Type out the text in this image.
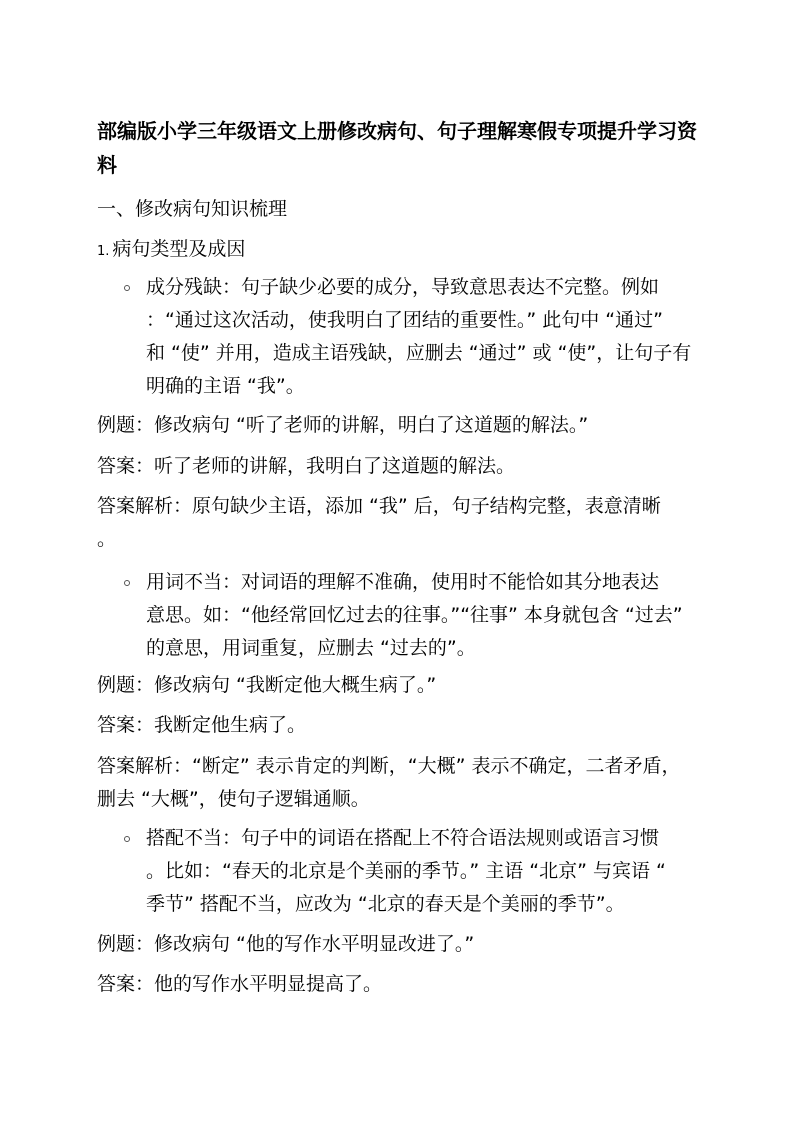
部编版小学三年级语文上册修改病句、句子理解寒假专项提升学习资
料
一、修改病句知识梳理
1. 病句类型及成因
成分残缺：句子缺少必要的成分，导致意思表达不完整。例如
：“通过这次活动，使我明白了团结的重要性。” 此句中 “通过”
和 “使” 并用，造成主语残缺，应删去 “通过” 或 “使”，让句子有
明确的主语 “我”。
例题：修改病句 “听了老师的讲解，明白了这道题的解法。”
答案：听了老师的讲解，我明白了这道题的解法。
答案解析：原句缺少主语，添加 “我” 后，句子结构完整，表意清晰
。
用词不当：对词语的理解不准确，使用时不能恰如其分地表达
意思。如：“他经常回忆过去的往事。”“往事” 本身就包含 “过去”
的意思，用词重复，应删去 “过去的”。
例题：修改病句 “我断定他大概生病了。”
答案：我断定他生病了。
答案解析：“断定” 表示肯定的判断，“大概” 表示不确定，二者矛盾，
删去 “大概”，使句子逻辑通顺。
搭配不当：句子中的词语在搭配上不符合语法规则或语言习惯
。比如：“春天的北京是个美丽的季节。” 主语 “北京” 与宾语 “
季节” 搭配不当，应改为 “北京的春天是个美丽的季节”。
例题：修改病句 “他的写作水平明显改进了。”
答案：他的写作水平明显提高了。
